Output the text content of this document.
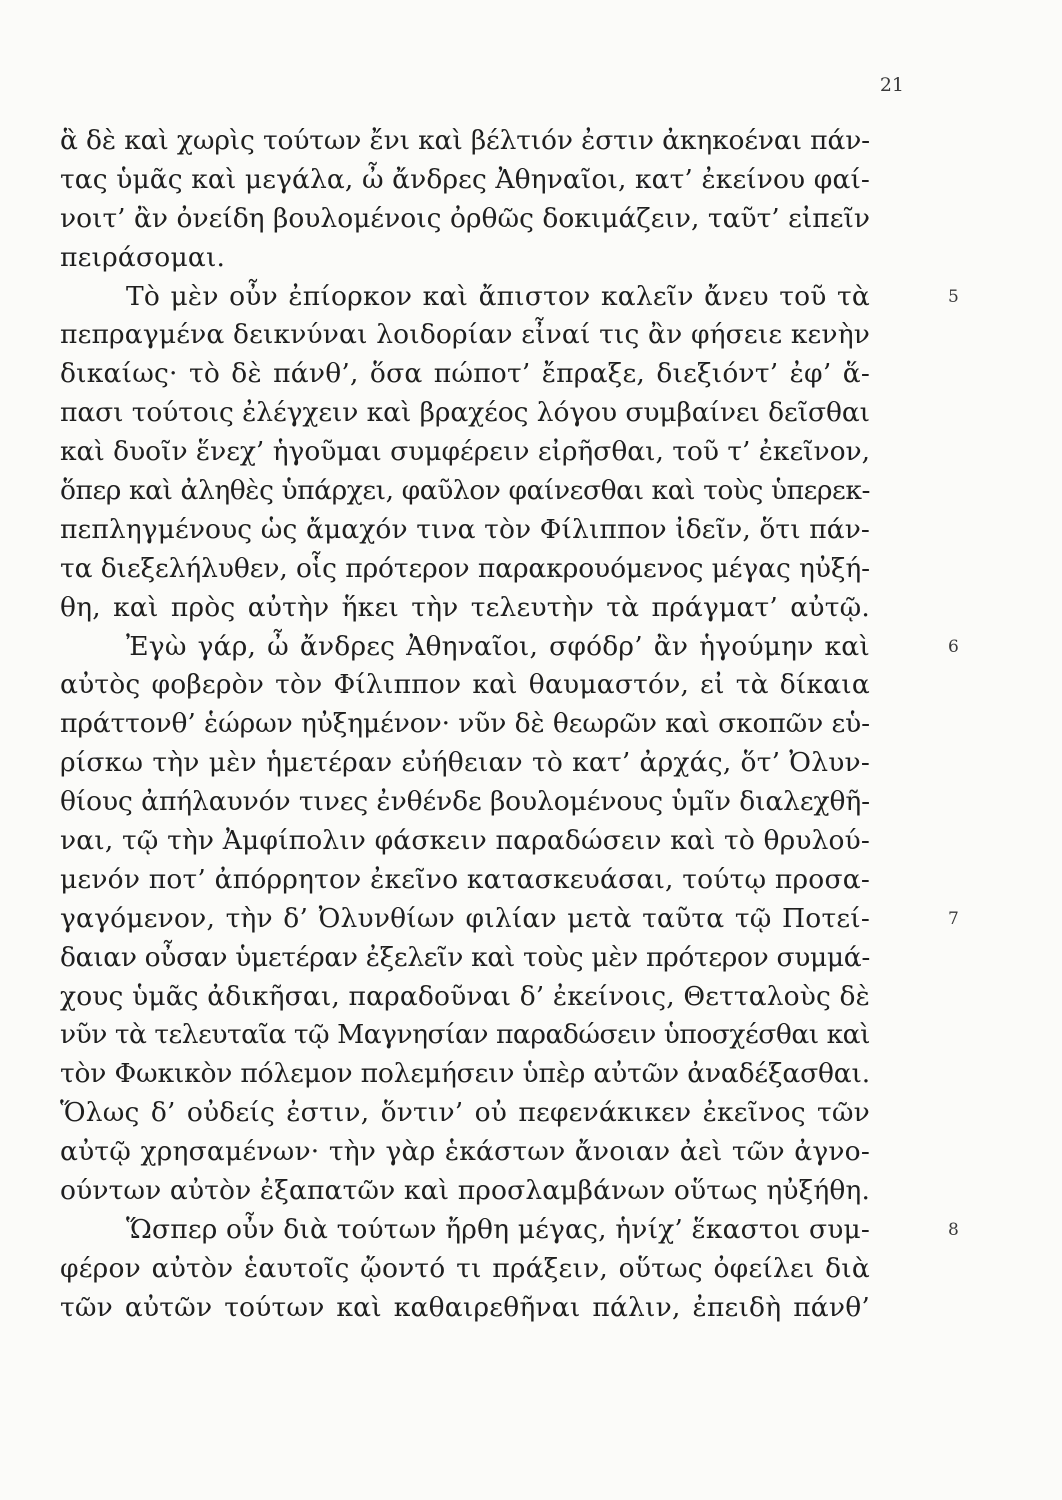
21
ἃ δὲ καὶ χωρὶς τούτων ἔνι καὶ βέλτιόν ἐστιν ἀκηκοέναι πάν-
τας ὑμᾶς καὶ μεγάλα, ὦ ἄνδρες Ἀθηναῖοι, κατ’ ἐκείνου φαί-
νοιτ’ ἂν ὀνείδη βουλομένοις ὀρθῶς δοκιμάζειν, ταῦτ’ εἰπεῖν
πειράσομαι.
Τὸ μὲν οὖν ἐπίορκον καὶ ἄπιστον καλεῖν ἄνευ τοῦ τὰ	5
πεπραγμένα δεικνύναι λοιδορίαν εἶναί τις ἂν φήσειε κενὴν
δικαίως· τὸ δὲ πάνθ’, ὅσα πώποτ’ ἔπραξε, διεξιόντ’ ἐφ’ ἅ-
πασι τούτοις ἐλέγχειν καὶ βραχέος λόγου συμβαίνει δεῖσθαι
καὶ δυοῖν ἕνεχ’ ἡγοῦμαι συμφέρειν εἰρῆσθαι, τοῦ τ’ ἐκεῖνον,
ὅπερ καὶ ἀληθὲς ὑπάρχει, φαῦλον φαίνεσθαι καὶ τοὺς ὑπερεκ-
πεπληγμένους ὡς ἄμαχόν τινα τὸν Φίλιππον ἰδεῖν, ὅτι πάν-
τα διεξελήλυθεν, οἷς πρότερον παρακρουόμενος μέγας ηὐξή-
θη, καὶ πρὸς αὐτὴν ἥκει τὴν τελευτὴν τὰ πράγματ’ αὐτῷ.
Ἐγὼ γάρ, ὦ ἄνδρες Ἀθηναῖοι, σφόδρ’ ἂν ἡγούμην καὶ	6
αὐτὸς φοβερὸν τὸν Φίλιππον καὶ θαυμαστόν, εἰ τὰ δίκαια
πράττονθ’ ἑώρων ηὐξημένον· νῦν δὲ θεωρῶν καὶ σκοπῶν εὑ-
ρίσκω τὴν μὲν ἡμετέραν εὐήθειαν τὸ κατ’ ἀρχάς, ὅτ’ Ὀλυν-
θίους ἀπήλαυνόν τινες ἐνθένδε βουλομένους ὑμῖν διαλεχθῆ-
ναι, τῷ τὴν Ἀμφίπολιν φάσκειν παραδώσειν καὶ τὸ θρυλού-
μενόν ποτ’ ἀπόρρητον ἐκεῖνο κατασκευάσαι, τούτῳ προσα-
γαγόμενον, τὴν δ’ Ὀλυνθίων φιλίαν μετὰ ταῦτα τῷ Ποτεί-	7
δαιαν οὖσαν ὑμετέραν ἐξελεῖν καὶ τοὺς μὲν πρότερον συμμά-
χους ὑμᾶς ἀδικῆσαι, παραδοῦναι δ’ ἐκείνοις, Θετταλοὺς δὲ
νῦν τὰ τελευταῖα τῷ Μαγνησίαν παραδώσειν ὑποσχέσθαι καὶ
τὸν Φωκικὸν πόλεμον πολεμήσειν ὑπὲρ αὐτῶν ἀναδέξασθαι.
Ὅλως δ’ οὐδείς ἐστιν, ὅντιν’ οὐ πεφενάκικεν ἐκεῖνος τῶν
αὐτῷ χρησαμένων· τὴν γὰρ ἑκάστων ἄνοιαν ἀεὶ τῶν ἀγνο-
ούντων αὐτὸν ἐξαπατῶν καὶ προσλαμβάνων οὕτως ηὐξήθη.
Ὥσπερ οὖν διὰ τούτων ἤρθη μέγας, ἡνίχ’ ἕκαστοι συμ-	8
φέρον αὐτὸν ἑαυτοῖς ᾤοντό τι πράξειν, οὕτως ὀφείλει διὰ
τῶν αὐτῶν τούτων καὶ καθαιρεθῆναι πάλιν, ἐπειδὴ πάνθ’
